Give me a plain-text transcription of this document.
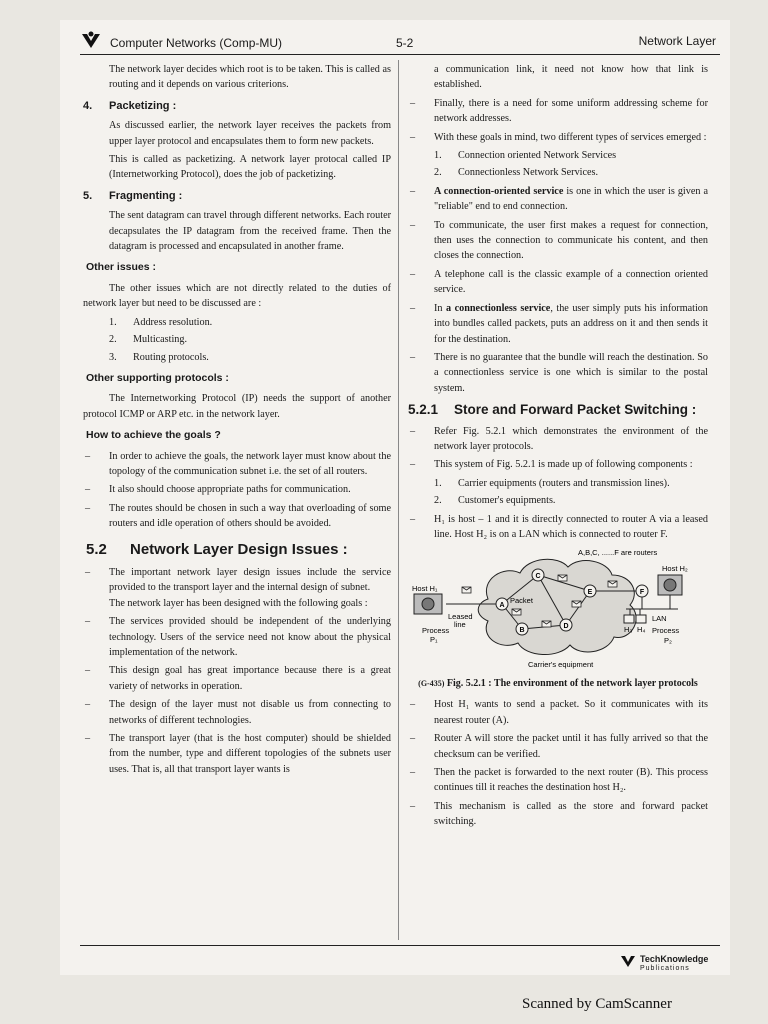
Computer Networks (Comp-MU)	5-2	Network Layer

The network layer decides which root is to be taken. This is called as routing and it depends on various criterions.

4. Packetizing :

As discussed earlier, the network layer receives the packets from upper layer protocol and encapsulates them to form new packets.

This is called as packetizing. A network layer protocal called IP (Internetworking Protocol), does the job of packetizing.

5. Fragmenting :

The sent datagram can travel through different networks. Each router decapsulates the IP datagram from the received frame. Then the datagram is processed and encapsulated in another frame.

Other issues :

The other issues which are not directly related to the duties of network layer but need to be discussed are :

1. Address resolution.
2. Multicasting.
3. Routing protocols.
Other supporting protocols :

The Internetworking Protocol (IP) needs the support of another protocol ICMP or ARP etc. in the network layer.

How to achieve the goals ?
– In order to achieve the goals, the network layer must know about the topology of the communication subnet i.e. the set of all routers.
– It also should choose appropriate paths for communication.
– The routes should be chosen in such a way that overloading of some routers and idle operation of others should be avoided.
5.2 Network Layer Design Issues :
– The important network layer design issues include the service provided to the transport layer and the internal design of subnet.
The network layer has been designed with the following goals :
– The services provided should be independent of the underlying technology. Users of the service need not know about the physical implementation of the network.
– This design goal has great importance because there is a great variety of networks in operation.
– The design of the layer must not disable us from connecting to networks of different technologies.
– The transport layer (that is the host computer) should be shielded from the number, type and different topologies of the subnets user uses. That is, all that transport layer wants is

a communication link, it need not know how that link is established.

– Finally, there is a need for some uniform addressing scheme for network addresses.
– With these goals in mind, two different types of services emerged :
1. Connection oriented Network Services
2. Connectionless Network Services.
– A connection-oriented service is one in which the user is given a "reliable" end to end connection.
– To communicate, the user first makes a request for connection, then uses the connection to communicate his content, and then closes the connection.
– A telephone call is the classic example of a connection oriented service.
– In a connectionless service, the user simply puts his information into bundles called packets, puts an address on it and then sends it for the destination.
– There is no guarantee that the bundle will reach the destination. So a connectionless service is one which is similar to the postal system.
5.2.1 Store and Forward Packet Switching :
– Refer Fig. 5.2.1 which demonstrates the environment of the network layer protocols.
– This system of Fig. 5.2.1 is made up of following components :
1. Carrier equipments (routers and transmission lines).
2. Customer's equipments.
– H₁ is host – 1 and it is directly connected to router A via a leased line. Host H₂ is on a LAN which is connected to router F.
A,B,C, ......F are routers
A
B
C
D
E	F
Host H₁
Host H₂
Leased
line
Packet
LAN
Process
P₁
Process
P₂
H₃ H₄
Carrier's equipment
(G-435) Fig. 5.2.1 : The environment of the network layer protocols
– Host H₁ wants to send a packet. So it communicates with its nearest router (A).
– Router A will store the packet until it has fully arrived so that the checksum can be verified.
– Then the packet is forwarded to the next router (B). This process continues till it reaches the destination host H₂.
– This mechanism is called as the store and forward packet switching.
TechKnowledge
Publications
Scanned by CamScanner
